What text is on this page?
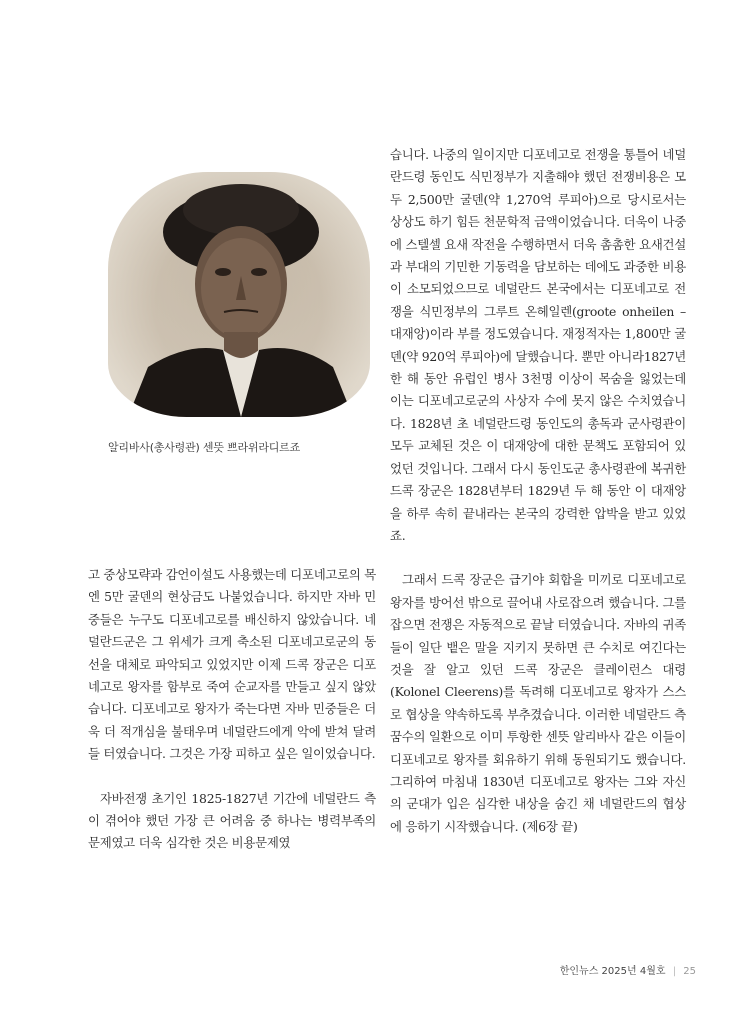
알리바사(총사령관) 센뜻 쁘라위라디르죠

고 중상모략과 감언이설도 사용했는데 디포네고로의 목엔 5만 굴덴의 현상금도 나붙었습니다. 하지만 자바 민중들은 누구도 디포네고로를 배신하지 않았습니다. 네덜란드군은 그 위세가 크게 축소된 디포네고로군의 동선을 대체로 파악되고 있었지만 이제 드콕 장군은 디포네고로 왕자를 함부로 죽여 순교자를 만들고 싶지 않았습니다. 디포네고로 왕자가 죽는다면 자바 민중들은 더욱 더 적개심을 불태우며 네덜란드에게 악에 받쳐 달려들 터였습니다. 그것은 가장 피하고 싶은 일이었습니다.

자바전쟁 초기인 1825-1827년 기간에 네덜란드 측이 겪어야 했던 가장 큰 어려움 중 하나는 병력부족의 문제였고 더욱 심각한 것은 비용문제였

습니다. 나중의 일이지만 디포네고로 전쟁을 통틀어 네덜란드령 동인도 식민정부가 지출해야 했던 전쟁비용은 모두 2,500만 굴덴(약 1,270억 루피아)으로 당시로서는 상상도 하기 힘든 천문학적 금액이었습니다. 더욱이 나중에 스텔셀 요새 작전을 수행하면서 더욱 촘촘한 요새건설과 부대의 기민한 기동력을 담보하는 데에도 과중한 비용이 소모되었으므로 네덜란드 본국에서는 디포네고로 전쟁을 식민정부의 그루트 온헤일렌(groote onheilen – 대재앙)이라 부를 정도였습니다. 재정적자는 1,800만 굴덴(약 920억 루피아)에 달했습니다. 뿐만 아니라1827년 한 해 동안 유럽인 병사 3천명 이상이 목숨을 잃었는데 이는 디포네고로군의 사상자 수에 못지 않은 수치였습니다. 1828년 초 네덜란드령 동인도의 총독과 군사령관이 모두 교체된 것은 이 대재앙에 대한 문책도 포함되어 있었던 것입니다. 그래서 다시 동인도군 총사령관에 복귀한 드콕 장군은 1828년부터 1829년 두 해 동안 이 대재앙을 하루 속히 끝내라는 본국의 강력한 압박을 받고 있었죠.

그래서 드콕 장군은 급기야 회합을 미끼로 디포네고로 왕자를 방어선 밖으로 끌어내 사로잡으려 했습니다. 그를 잡으면 전쟁은 자동적으로 끝날 터였습니다. 자바의 귀족들이 일단 뱉은 말을 지키지 못하면 큰 수치로 여긴다는 것을 잘 알고 있던 드콕 장군은 클레이런스 대령(Kolonel Cleerens)를 독려해 디포네고로 왕자가 스스로 협상을 약속하도록 부추겼습니다. 이러한 네덜란드 측 꿈수의 일환으로 이미 투항한 센뜻 알리바사 같은 이들이 디포네고로 왕자를 회유하기 위해 동원되기도 했습니다. 그리하여 마침내 1830년 디포네고로 왕자는 그와 자신의 군대가 입은 심각한 내상을 숨긴 채 네덜란드의 협상에 응하기 시작했습니다. (제6장 끝)

한인뉴스 2025년 4월호 | 25
